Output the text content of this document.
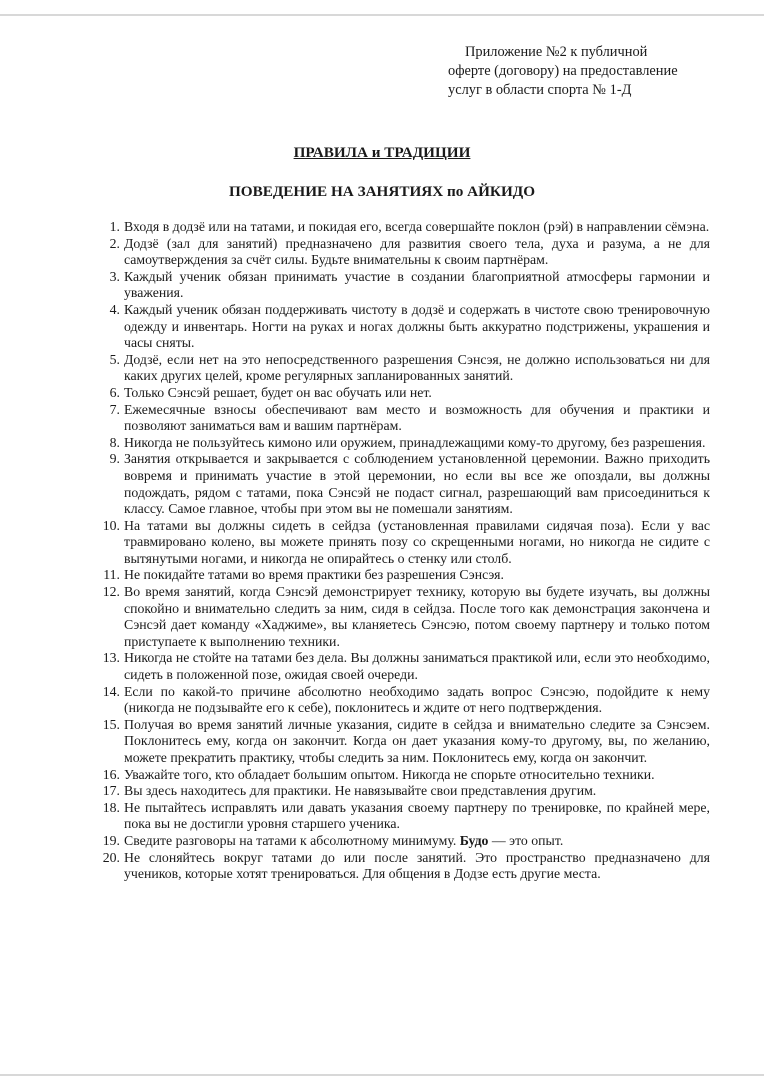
Приложение №2 к публичной
оферте (договору) на предоставление
услуг в области спорта № 1-Д
ПРАВИЛА и ТРАДИЦИИ
ПОВЕДЕНИЕ НА ЗАНЯТИЯХ по АЙКИДО
1. Входя в додзё или на татами, и покидая его, всегда совершайте поклон (рэй) в направлении сёмэна.
2. Додзё (зал для занятий) предназначено для развития своего тела, духа и разума, а не для самоутверждения за счёт силы. Будьте внимательны к своим партнёрам.
3. Каждый ученик обязан принимать участие в создании благоприятной атмосферы гармонии и уважения.
4. Каждый ученик обязан поддерживать чистоту в додзё и содержать в чистоте свою тренировочную одежду и инвентарь. Ногти на руках и ногах должны быть аккуратно подстрижены, украшения и часы сняты.
5. Додзё, если нет на это непосредственного разрешения Сэнсэя, не должно использоваться ни для каких других целей, кроме регулярных запланированных занятий.
6. Только Сэнсэй решает, будет он вас обучать или нет.
7. Ежемесячные взносы обеспечивают вам место и возможность для обучения и практики и позволяют заниматься вам и вашим партнёрам.
8. Никогда не пользуйтесь кимоно или оружием, принадлежащими кому-то другому, без разрешения.
9. Занятия открывается и закрывается с соблюдением установленной церемонии. Важно приходить вовремя и принимать участие в этой церемонии, но если вы все же опоздали, вы должны подождать, рядом с татами, пока Сэнсэй не подаст сигнал, разрешающий вам присоединиться к классу. Самое главное, чтобы при этом вы не помешали занятиям.
10. На татами вы должны сидеть в сейдза (установленная правилами сидячая поза). Если у вас травмировано колено, вы можете принять позу со скрещенными ногами, но никогда не сидите с вытянутыми ногами, и никогда не опирайтесь о стенку или столб.
11. Не покидайте татами во время практики без разрешения Сэнсэя.
12. Во время занятий, когда Сэнсэй демонстрирует технику, которую вы будете изучать, вы должны спокойно и внимательно следить за ним, сидя в сейдза. После того как демонстрация закончена и Сэнсэй дает команду «Хаджиме», вы кланяетесь Сэнсэю, потом своему партнеру и только потом приступаете к выполнению техники.
13. Никогда не стойте на татами без дела. Вы должны заниматься практикой или, если это необходимо, сидеть в положенной позе, ожидая своей очереди.
14. Если по какой-то причине абсолютно необходимо задать вопрос Сэнсэю, подойдите к нему (никогда не подзывайте его к себе), поклонитесь и ждите от него подтверждения.
15. Получая во время занятий личные указания, сидите в сейдза и внимательно следите за Сэнсэем. Поклонитесь ему, когда он закончит. Когда он дает указания кому-то другому, вы, по желанию, можете прекратить практику, чтобы следить за ним. Поклонитесь ему, когда он закончит.
16. Уважайте того, кто обладает большим опытом. Никогда не спорьте относительно техники.
17. Вы здесь находитесь для практики. Не навязывайте свои представления другим.
18. Не пытайтесь исправлять или давать указания своему партнеру по тренировке, по крайней мере, пока вы не достигли уровня старшего ученика.
19. Сведите разговоры на татами к абсолютному минимуму. Будо — это опыт.
20. Не слоняйтесь вокруг татами до или после занятий. Это пространство предназначено для учеников, которые хотят тренироваться. Для общения в Додзе есть другие места.
